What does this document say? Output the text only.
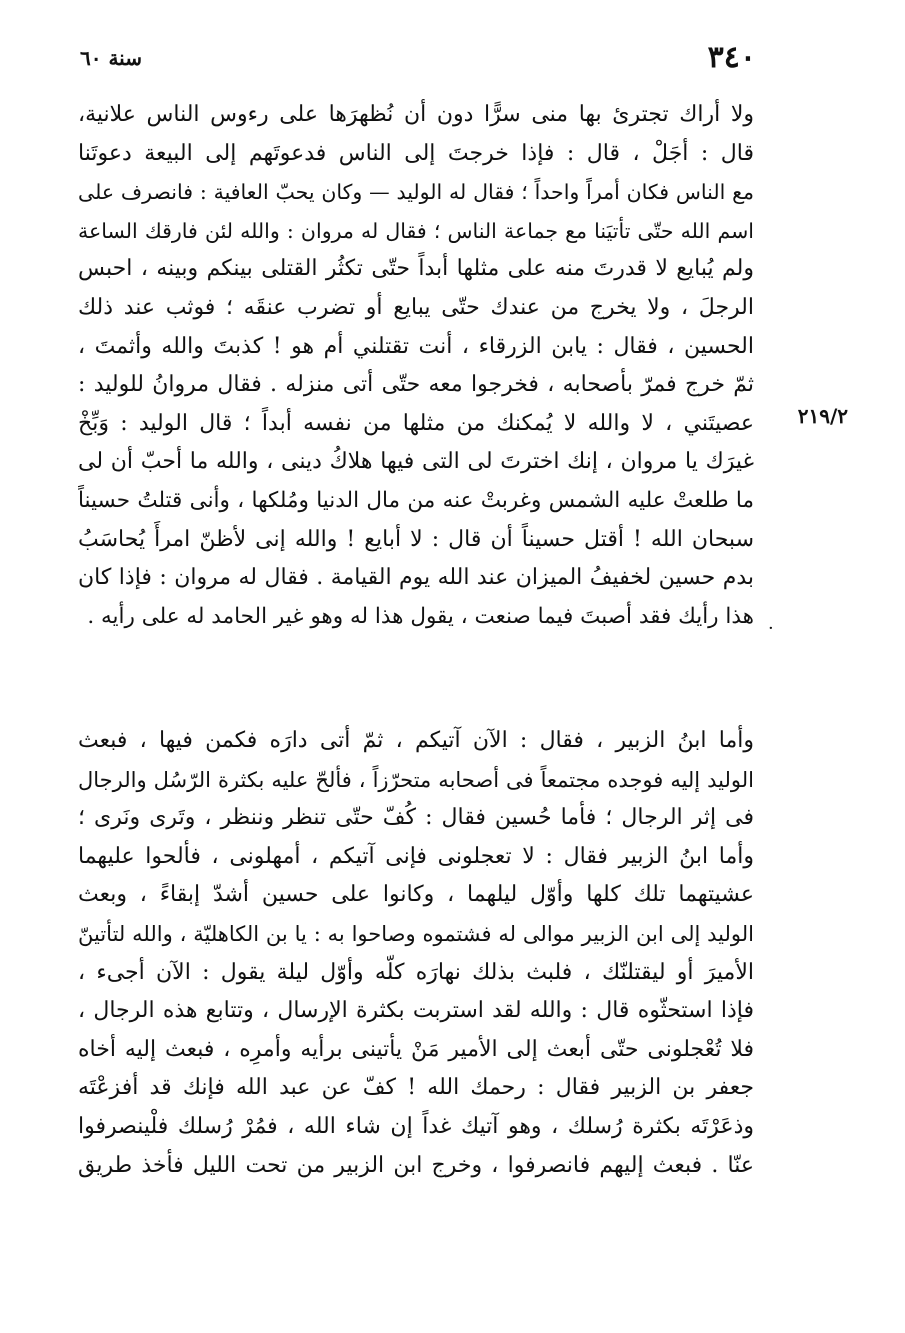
٣٤٠
سنة ٦٠
٢١٩/٢
·
ولا أراك تجترئ بها منى سرًّا دون أن نُظهرَها على رءوس الناس علانية،
قال : أجَلْ ، قال : فإذا خرجتَ إلى الناس فدعوتَهم إلى البيعة دعوتَنا
مع الناس فكان أمراً واحداً ؛ فقال له الوليد — وكان يحبّ العافية : فانصرف على
اسم الله حتّى تأتيَنا مع جماعة الناس ؛ فقال له مروان : والله لئن فارقك الساعة
ولم يُبايع لا قدرتَ منه على مثلها أبداً حتّى تكثُر القتلى بينكم وبينه ، احبس
الرجلَ ، ولا يخرج من عندك حتّى يبايع أو تضرب عنقَه ؛ فوثب عند ذلك
الحسين ، فقال : يابن الزرقاء ، أنت تقتلني أم هو ! كذبتَ والله وأثمتَ ،
ثمّ خرج فمرّ بأصحابه ، فخرجوا معه حتّى أتى منزله . فقال مروانُ للوليد :
عصيتَني ، لا والله لا يُمكنك من مثلها من نفسه أبداً ؛ قال الوليد : وَبِّخْ
غيرَك يا مروان ، إنك اخترتَ لى التى فيها هلاكُ دينى ، والله ما أحبّ أن لى
ما طلعتْ عليه الشمس وغربتْ عنه من مال الدنيا ومُلكها ، وأنى قتلتُ حسيناً
سبحان الله ! أقتل حسيناً أن قال : لا أبايع ! والله إنى لأظنّ امرأً يُحاسَبُ
بدم حسين لخفيفُ الميزان عند الله يوم القيامة . فقال له مروان : فإذا كان
هذا رأيك فقد أصبتَ فيما صنعت ، يقول هذا له وهو غير الحامد له على رأيه .
وأما ابنُ الزبير ، فقال : الآن آتيكم ، ثمّ أتى دارَه فكمن فيها ، فبعث
الوليد إليه فوجده مجتمعاً فى أصحابه متحرّزاً ، فألحّ عليه بكثرة الرّسُل والرجال
فى إثر الرجال ؛ فأما حُسين فقال : كُفّ حتّى تنظر وننظر ، وتَرى ونَرى ؛
وأما ابنُ الزبير فقال : لا تعجلونى فإنى آتيكم ، أمهلونى ، فألحوا عليهما
عشيتهما تلك كلها وأوّل ليلهما ، وكانوا على حسين أشدّ إبقاءً ، وبعث
الوليد إلى ابن الزبير موالى له فشتموه وصاحوا به : يا بن الكاهليّة ، والله لتأتينّ
الأميرَ أو ليقتلنّك ، فلبث بذلك نهارَه كلّه وأوّل ليلة يقول : الآن أجىء ،
فإذا استحثّوه قال : والله لقد استربت بكثرة الإرسال ، وتتابع هذه الرجال ،
فلا تُعْجلونى حتّى أبعث إلى الأمير مَنْ يأتينى برأيه وأمرِه ، فبعث إليه أخاه
جعفر بن الزبير فقال : رحمك الله ! كفّ عن عبد الله فإنك قد أفزعْتَه
وذعَرْتَه بكثرة رُسلك ، وهو آتيك غداً إن شاء الله ، فمُرْ رُسلك فلْينصرفوا
عنّا . فبعث إليهم فانصرفوا ، وخرج ابن الزبير من تحت الليل فأخذ طريق
